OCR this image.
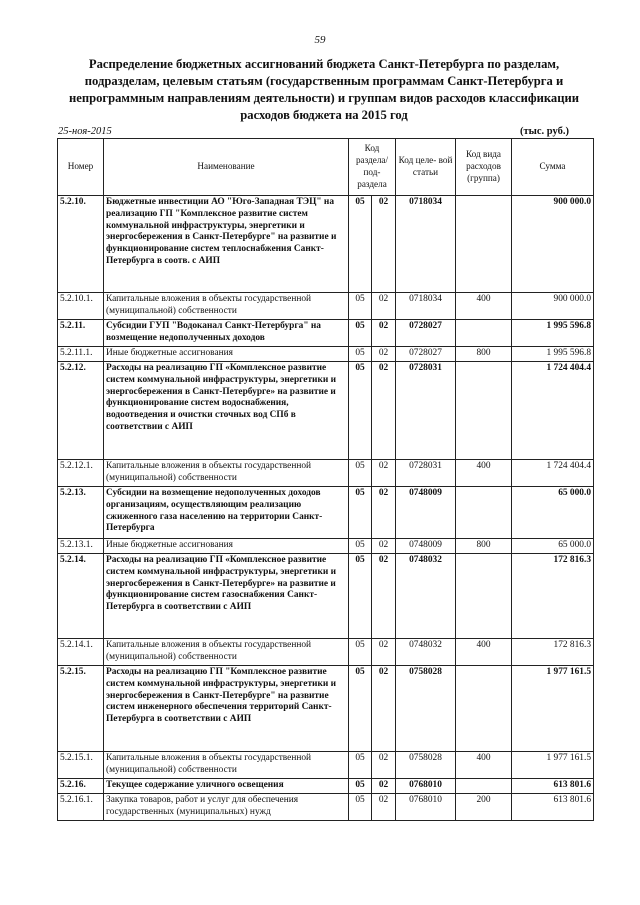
59
Распределение бюджетных ассигнований бюджета Санкт-Петербурга по разделам, подразделам, целевым статьям (государственным программам Санкт-Петербурга и непрограммным направлениям деятельности) и группам видов расходов классификации расходов бюджета на 2015 год
25-ноя-2015	(тыс. руб.)
Номер	Наименование	Код раздела/ под- раздела		Код целе- вой статьи	Код вида расходов (группа)	Сумма
5.2.10.	Бюджетные инвестиции АО "Юго-Западная ТЭЦ" на реализацию ГП "Комплексное развитие систем коммунальной инфраструктуры, энергетики и энергосбережения в Санкт-Петербурге" на развитие и функционирование систем теплоснабжения Санкт-Петербурга в соотв. с АИП	05	02	0718034		900 000.0
5.2.10.1.	Капитальные вложения в объекты государственной (муниципальной) собственности	05	02	0718034	400	900 000.0
5.2.11.	Субсидии ГУП "Водоканал Санкт-Петербурга" на возмещение недополученных доходов	05	02	0728027		1 995 596.8
5.2.11.1.	Иные бюджетные ассигнования	05	02	0728027	800	1 995 596.8
5.2.12.	Расходы на реализацию ГП «Комплексное развитие систем коммунальной инфраструктуры, энергетики и энергосбережения в Санкт-Петербурге» на развитие и функционирование систем водоснабжения, водоотведения и очистки сточных вод СПб в соответствии с АИП	05	02	0728031		1 724 404.4
5.2.12.1.	Капитальные вложения в объекты государственной (муниципальной) собственности	05	02	0728031	400	1 724 404.4
5.2.13.	Субсидии на возмещение недополученных доходов организациям, осуществляющим реализацию сжиженного газа населению на территории Санкт-Петербурга	05	02	0748009		65 000.0
5.2.13.1.	Иные бюджетные ассигнования	05	02	0748009	800	65 000.0
5.2.14.	Расходы на реализацию ГП «Комплексное развитие систем коммунальной инфраструктуры, энергетики и энергосбережения в Санкт-Петербурге» на развитие и функционирование систем газоснабжения Санкт-Петербурга в соответствии с АИП	05	02	0748032		172 816.3
5.2.14.1.	Капитальные вложения в объекты государственной (муниципальной) собственности	05	02	0748032	400	172 816.3
5.2.15.	Расходы на реализацию ГП "Комплексное развитие систем коммунальной инфраструктуры, энергетики и энергосбережения в Санкт-Петербурге" на развитие систем инженерного обеспечения территорий Санкт-Петербурга в соответствии с АИП	05	02	0758028		1 977 161.5
5.2.15.1.	Капитальные вложения в объекты государственной (муниципальной) собственности	05	02	0758028	400	1 977 161.5
5.2.16.	Текущее содержание уличного освещения	05	02	0768010		613 801.6
5.2.16.1.	Закупка товаров, работ и услуг для обеспечения государственных (муниципальных) нужд	05	02	0768010	200	613 801.6
